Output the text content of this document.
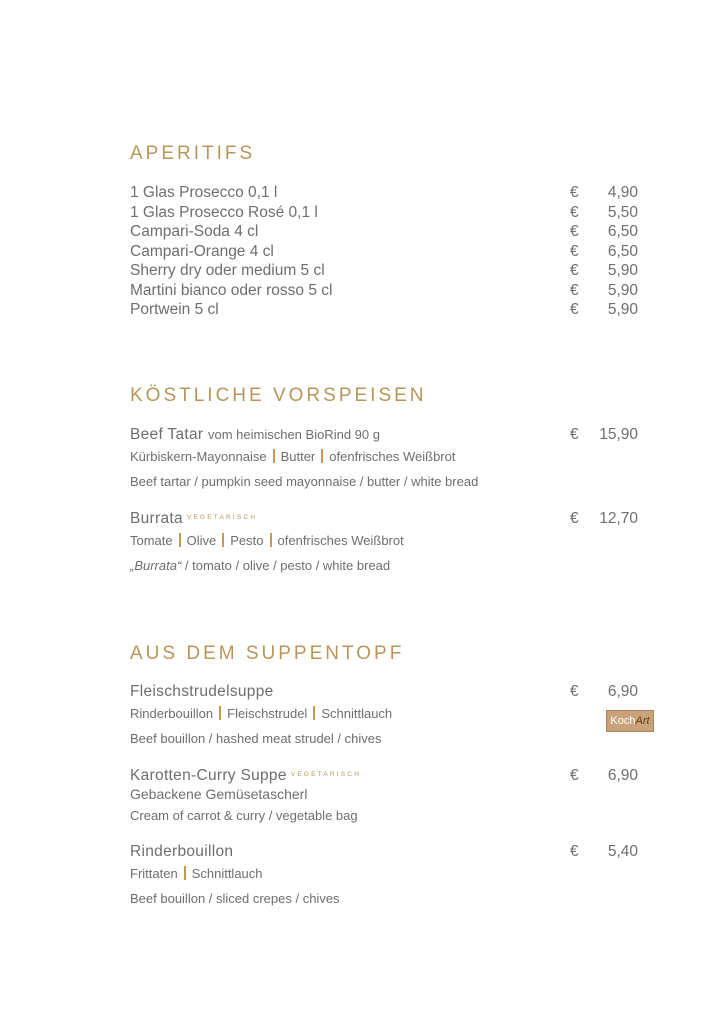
APERITIFS
1 Glas Prosecco 0,1 l	€ 4,90
1 Glas Prosecco Rosé 0,1 l	€ 5,50
Campari-Soda 4 cl	€ 6,50
Campari-Orange 4 cl	€ 6,50
Sherry dry oder medium 5 cl	€ 5,90
Martini bianco oder rosso 5 cl	€ 5,90
Portwein 5 cl	€ 5,90
KÖSTLICHE VORSPEISEN
Beef Tatar vom heimischen BioRind 90 g	€ 15,90
Kürbiskern-Mayonnaise Butter ofenfrisches Weißbrot
Beef tartar / pumpkin seed mayonnaise / butter / white bread
Burrata $^{VEGETARISCH}$	€ 12,70
Tomate Olive Pesto ofenfrisches Weißbrot
„Burrata“ / tomato / olive / pesto / white bread
AUS DEM SUPPENTOPF
Fleischstrudelsuppe	€ 6,90
Rinderbouillon Fleischstrudel Schnittlauch
Beef bouillon / hashed meat strudel / chives
KochArt
Karotten-Curry Suppe $^{VEGETARISCH}$	€ 6,90
Gebackene Gemüsetascherl
Cream of carrot & curry / vegetable bag
Rinderbouillon	€ 5,40
Frittaten Schnittlauch
Beef bouillon / sliced crepes / chives
